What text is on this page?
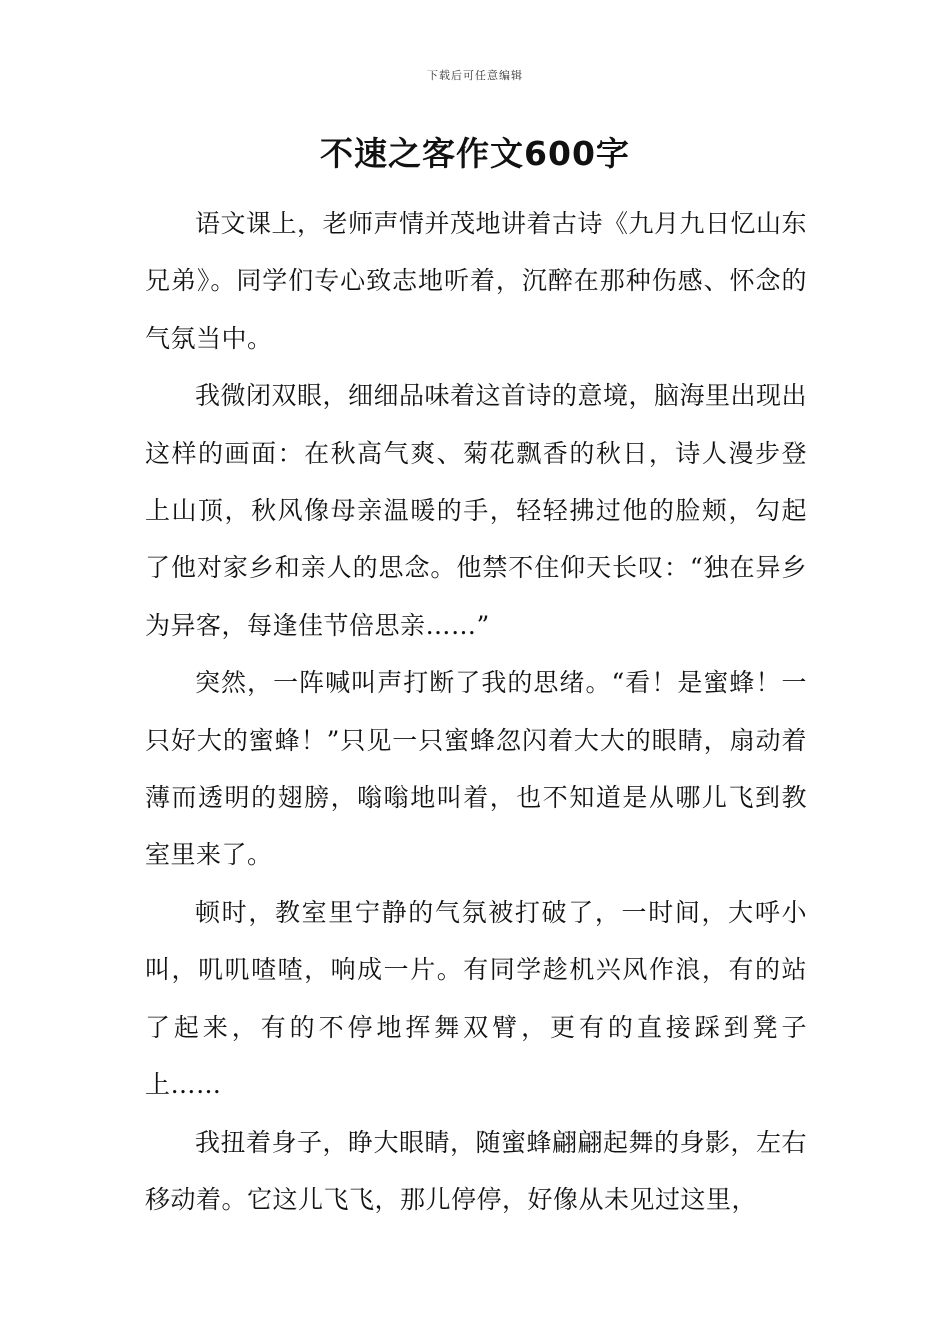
下载后可任意编辑
不速之客作文600字

语文课上，老师声情并茂地讲着古诗《九月九日忆山东兄弟》。同学们专心致志地听着，沉醉在那种伤感、怀念的气氛当中。

我微闭双眼，细细品味着这首诗的意境，脑海里出现出这样的画面：在秋高气爽、菊花飘香的秋日，诗人漫步登上山顶，秋风像母亲温暖的手，轻轻拂过他的脸颊，勾起了他对家乡和亲人的思念。他禁不住仰天长叹：“独在异乡为异客，每逢佳节倍思亲……”

突然，一阵喊叫声打断了我的思绪。“看！是蜜蜂！一只好大的蜜蜂！”只见一只蜜蜂忽闪着大大的眼睛，扇动着薄而透明的翅膀，嗡嗡地叫着，也不知道是从哪儿飞到教室里来了。

顿时，教室里宁静的气氛被打破了，一时间，大呼小叫，叽叽喳喳，响成一片。有同学趁机兴风作浪，有的站了起来，有的不停地挥舞双臂，更有的直接踩到凳子上……

我扭着身子，睁大眼睛，随蜜蜂翩翩起舞的身影，左右移动着。它这儿飞飞，那儿停停，好像从未见过这里，
